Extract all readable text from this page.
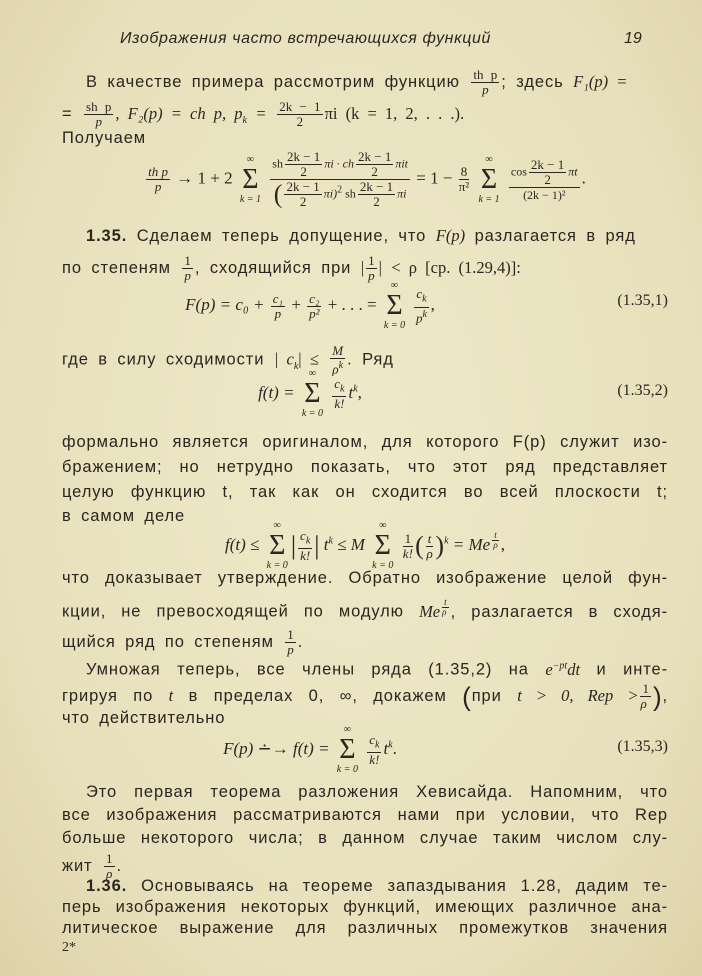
Изображения часто встречающихся функций	19
В качестве примера рассмотрим функцию $\frac{\text{th p}}{p}$ ; здесь F₁(p) =
= $\frac{\text{sh p}}{p}$ , F₂(p) = ch p, $p_k = \frac{2k - 1}{2}$ πi (k = 1, 2, . . .).
Получаем
$\frac{\text{th p}}{p} \to 1 + 2$
∞
Σ
k = 1
$\frac{sh \frac{2k - 1}{2} \pi i \cdot ch \frac{2k - 1}{2} \pi it}{( \frac{2k - 1}{2} \pi i)^2 sh \frac{2k - 1}{2} \pi i} = 1 - \frac{8}{\text{π²}}$

∞
Σ
k = 1
$\frac{\cos \frac{2k - 1}{2} \pi t}{\text{(2k − 1)²}}$ .
1.35. Сделаем теперь допущение, что F(p) разлагается в ряд
по степеням $\frac{1}{p}$ , сходящийся при | $\frac{1}{p}$ | < ρ [ср. (1.29,4)]:
$F(p) = c_0 + \frac{\text{c₁}}{p} + \frac{\text{c₂}}{\text{p²}}$ + . . . =
∞
Σ
k = 0

$\frac{c_k}{p^k}$ ,	(1.35,1)
где в силу сходимости | $c_k| \le \frac{M}{\rho^k}$ . Ряд
f(t) =
∞
Σ
k = 0

$\frac{c_k}{k!} t^k$,	(1.35,2)
формально является оригиналом, для которого F(p) служит изо-
бражением; но нетрудно показать, что этот ряд представляет
целую функцию t, так как он сходится во всей плоскости t;
в самом деле
f(t) ≤
∞
Σ
k = 0
| $\frac{c_k}{k!}$ | $t^k \le M$
∞
Σ
k = 0

$\frac{1}{k!}$ ( $\frac{t}{\rho} )^k = Me$ $^{\frac{t}{\rho}}$ ,
что доказывает утверждение. Обратно изображение целой фун-
кции, не превосходящей по модулю Me $^{\frac{t}{\rho}}$ , разлагается в сходя-
щийся ряд по степеням $\frac{1}{p}$ .
Умножая теперь, все члены ряда (1.35,2) на $e^{-pt}dt$ и инте-
грируя по t в пределах 0, ∞, докажем (при t > 0, Rep > $\frac{1}{\rho}$ ),
что действительно
F(p) ∸→ f(t) =
∞
Σ
k = 0

$\frac{c_k}{k!} t^k$.	(1.35,3)
Это первая теорема разложения Хевисайда. Напомним, что
все изображения рассматриваются нами при условии, что Rep
больше некоторого числа; в данном случае таким числом слу-
жит $\frac{1}{\rho}$ .
1.36. Основываясь на теореме запаздывания 1.28, дадим те-
перь изображения некоторых функций, имеющих различное ана-
литическое выражение для различных промежутков значения
2*
